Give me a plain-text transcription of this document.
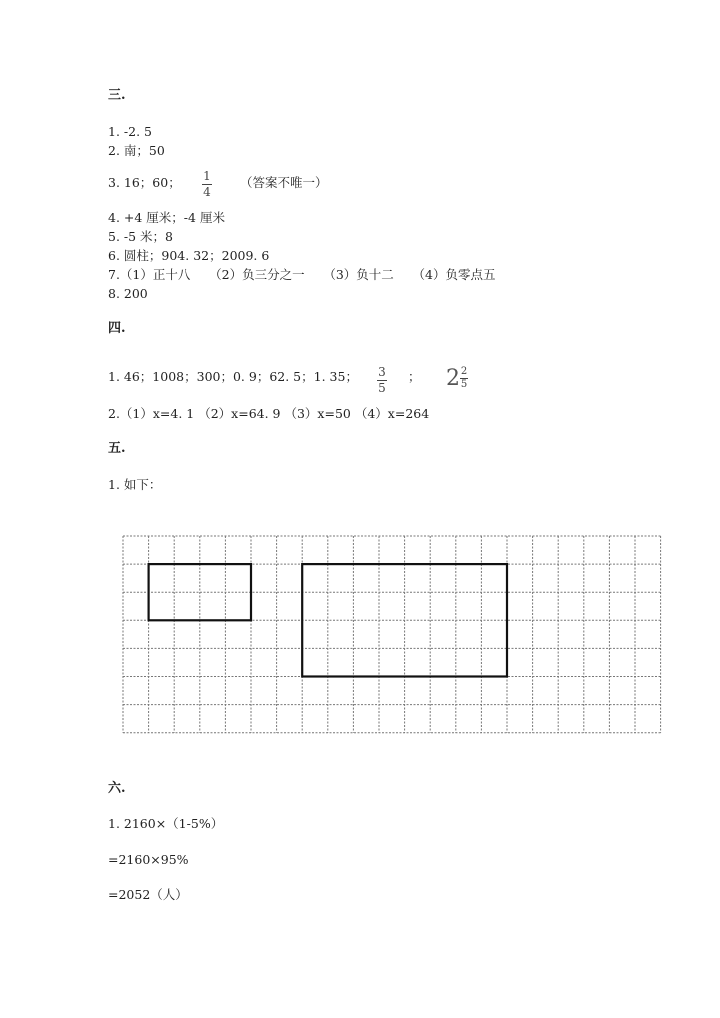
三.
1. -2. 5
2. 南；50
3. 16；60； 1
4
（答案不唯一）
4. +4 厘米；-4 厘米
5. -5 米；8
6. 圆柱；904. 32；2009. 6
7.（1）正十八　　（2）负三分之一　　（3）负十二　　（4）负零点五
8. 200
四.
1. 46；1008；300；0. 9；62. 5；1. 35； 3
5
； $2 \frac{2}{5}$
2.（1）x=4. 1 （2）x=64. 9 （3）x=50 （4）x=264
五.
1. 如下：
六.
1. 2160×（1-5%）
=2160×95%
=2052（人）
